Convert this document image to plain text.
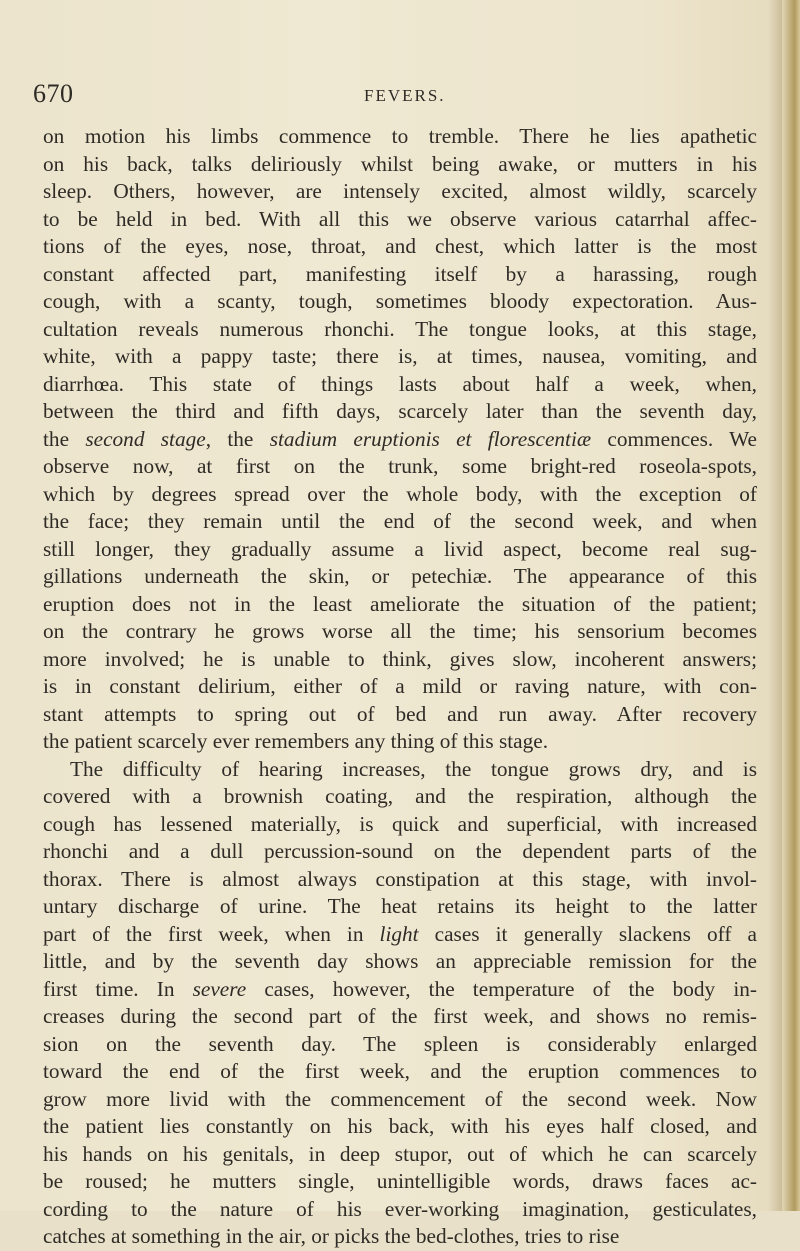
670	FEVERS.
on motion his limbs commence to tremble. There he lies apathetic
on his back, talks deliriously whilst being awake, or mutters in his
sleep. Others, however, are intensely excited, almost wildly, scarcely
to be held in bed. With all this we observe various catarrhal affec-
tions of the eyes, nose, throat, and chest, which latter is the most
constant affected part, manifesting itself by a harassing, rough
cough, with a scanty, tough, sometimes bloody expectoration. Aus-
cultation reveals numerous rhonchi. The tongue looks, at this stage,
white, with a pappy taste; there is, at times, nausea, vomiting, and
diarrhœa. This state of things lasts about half a week, when,
between the third and fifth days, scarcely later than the seventh day,
the second stage, the stadium eruptionis et florescentiæ commences. We
observe now, at first on the trunk, some bright-red roseola-spots,
which by degrees spread over the whole body, with the exception of
the face; they remain until the end of the second week, and when
still longer, they gradually assume a livid aspect, become real sug-
gillations underneath the skin, or petechiæ. The appearance of this
eruption does not in the least ameliorate the situation of the patient;
on the contrary he grows worse all the time; his sensorium becomes
more involved; he is unable to think, gives slow, incoherent answers;
is in constant delirium, either of a mild or raving nature, with con-
stant attempts to spring out of bed and run away. After recovery
the patient scarcely ever remembers any thing of this stage.
The difficulty of hearing increases, the tongue grows dry, and is
covered with a brownish coating, and the respiration, although the
cough has lessened materially, is quick and superficial, with increased
rhonchi and a dull percussion-sound on the dependent parts of the
thorax. There is almost always constipation at this stage, with invol-
untary discharge of urine. The heat retains its height to the latter
part of the first week, when in light cases it generally slackens off a
little, and by the seventh day shows an appreciable remission for the
first time. In severe cases, however, the temperature of the body in-
creases during the second part of the first week, and shows no remis-
sion on the seventh day. The spleen is considerably enlarged
toward the end of the first week, and the eruption commences to
grow more livid with the commencement of the second week. Now
the patient lies constantly on his back, with his eyes half closed, and
his hands on his genitals, in deep stupor, out of which he can scarcely
be roused; he mutters single, unintelligible words, draws faces ac-
cording to the nature of his ever-working imagination, gesticulates,
catches at something in the air, or picks the bed-clothes, tries to rise
